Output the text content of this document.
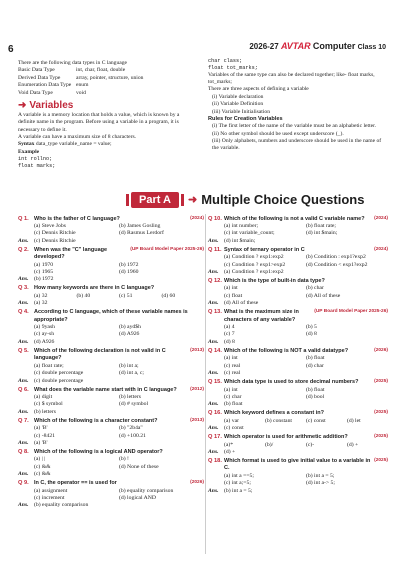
6	2026-27 AVTAR Computer Class 10
There are the following data types in C language
Basic Data Type	int, char, float, double
Derived Data Type	array, pointer, structure, union
Enumeration Data Type enum
Void Data Type	void
➜ Variables
A variable is a memory location that holds a value, which is known by a definite name in the program. Before using a variable in a program, it is necessary to define it.
A variable can have a maximum size of 8 characters.
Syntax data_type variable_name = value;
Example
int rollno;
float marks;
char class;
float tot_marks;
Variables of the same type can also be declared together; like- float marks, tot_marks;
There are three aspects of defining a variable
(i) Variable declaration
(ii) Variable Definition
(iii) Variable Initialisation
Rules for Creation Variables
(i) The first letter of the name of the variable must be an alphabetic letter.
(ii) No other symbol should be used except underscore (_).
(iii) Only alphabets, numbers and underscore should be used in the name of the variable.
Part A	➜ Multiple Choice Questions
Q 1.	(2024)
Who is the father of C language?
(a) Steve Jobs	(b) James Gosling
(c) Dennis Ritchie	(d) Rasmus Lerdorf
Ans. (c) Dennis Ritchie
Q 2.	(UP Board Model Paper 2025-26)
When was the "C" language developed?
(a) 1970	(b) 1972
(c) 1965	(d) 1960
Ans. (b) 1972
Q 3. How many keywords are there in C language?
(a) 32	(b) 40	(c) 51	(d) 60
Ans. (a) 32
Q 4. According to C language, which of these variable names is appropriate?
(a) 9yash	(b) ayd$h
(c) ay-sh	(d) A926
Ans. (d) A926
Q 5.	(2013)
Which of the following declaration is not valid in C language?
(a) float rate;	(b) int a;
(c) double percentage	(d) int a, c;
Ans. (c) double percentage
Q 6.	(2012)
What does the variable name start with in C language?
(a) digit	(b) letters
(c) $ symbol	(d) # symbol
Ans. (b) letters
Q 7.	(2013)
Which of the following is a character constant?
(a) 'B'	(b) "2b4a"
(c) -8421	(d) +100.21
Ans. (a) 'B'
Q 8. Which of the following is a logical AND operator?
(a) | |	(b) !
(c) &&	(d) None of these
Ans. (c) &&
Q 9.	(2026)
In C, the operator == is used for
(a) assignment	(b) equality comparison
(c) increment	(d) logical AND
Ans. (b) equality comparison
Q 10.	(2024)
Which of the following is not a valid C variable name?
(a) int number;	(b) float rate;
(c) int variable_count;	(d) int $main;
Ans. (d) int $main;
Q 11.	(2024)
Syntax of ternary operator in C
(a) Condition ? exp1:exp2	(b) Condition : exp1?exp2
(c) Condition ? exp1>exp2	(d) Condition < exp1?exp2
Ans. (a) Condition ? exp1:exp2
Q 12. Which is the type of built-in data type?
(a) int	(b) char
(c) float	(d) All of these
Ans. (d) All of these
Q 13.	(UP Board Model Paper 2025-26)
What is the maximum size in characters of any variable?
(a) 4	(b) 5
(c) 7	(d) 8
Ans. (d) 8
Q 14.	(2026)
Which of the following is NOT a valid datatype?
(a) int	(b) float
(c) real	(d) char
Ans. (c) real
Q 15.	(2025)
Which data type is used to store decimal numbers?
(a) int	(b) float
(c) char	(d) bool
Ans. (b) float
Q 16.	(2025)
Which keyword defines a constant in?
(a) var	(b) constant	(c) const	(d) let
Ans. (c) const
Q 17.	(2025)
Which operator is used for arithmetic addition?
(a)*	(b)/	(c)-	(d) +
Ans. (d) +
Q 18.	(2025)
Which format is used to give initial value to a variable in C.
(a) int a ==5;	(b) int a = 5;
(c) int a;=5;	(d) int a-> 5;
Ans. (b) int a = 5;
